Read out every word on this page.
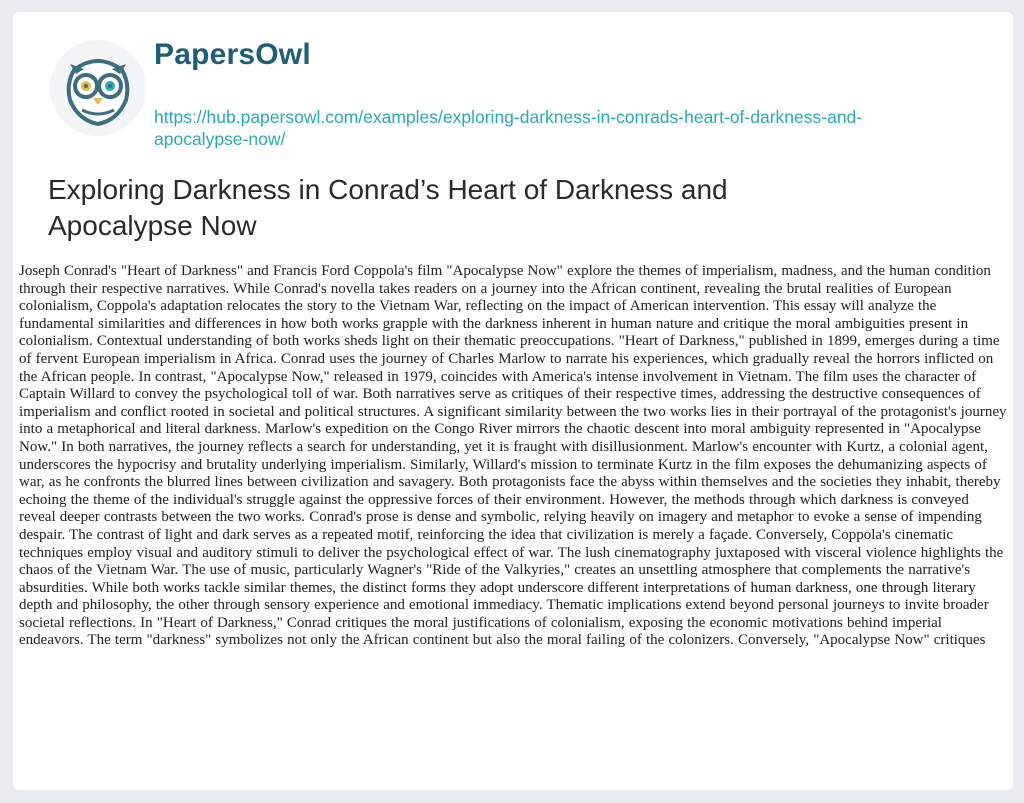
PapersOwl
https://hub.papersowl.com/examples/exploring-darkness-in-conrads-heart-of-darkness-and-apocalypse-now/
Exploring Darkness in Conrad’s Heart of Darkness and Apocalypse Now

Joseph Conrad's "Heart of Darkness" and Francis Ford Coppola's film "Apocalypse Now" explore the themes of imperialism, madness, and the human condition through their respective narratives. While Conrad's novella takes readers on a journey into the African continent, revealing the brutal realities of European colonialism, Coppola's adaptation relocates the story to the Vietnam War, reflecting on the impact of American intervention. This essay will analyze the fundamental similarities and differences in how both works grapple with the darkness inherent in human nature and critique the moral ambiguities present in colonialism. Contextual understanding of both works sheds light on their thematic preoccupations. "Heart of Darkness," published in 1899, emerges during a time of fervent European imperialism in Africa. Conrad uses the journey of Charles Marlow to narrate his experiences, which gradually reveal the horrors inflicted on the African people. In contrast, "Apocalypse Now," released in 1979, coincides with America's intense involvement in Vietnam. The film uses the character of Captain Willard to convey the psychological toll of war. Both narratives serve as critiques of their respective times, addressing the destructive consequences of imperialism and conflict rooted in societal and political structures. A significant similarity between the two works lies in their portrayal of the protagonist's journey into a metaphorical and literal darkness. Marlow's expedition on the Congo River mirrors the chaotic descent into moral ambiguity represented in "Apocalypse Now." In both narratives, the journey reflects a search for understanding, yet it is fraught with disillusionment. Marlow's encounter with Kurtz, a colonial agent, underscores the hypocrisy and brutality underlying imperialism. Similarly, Willard's mission to terminate Kurtz in the film exposes the dehumanizing aspects of war, as he confronts the blurred lines between civilization and savagery. Both protagonists face the abyss within themselves and the societies they inhabit, thereby echoing the theme of the individual's struggle against the oppressive forces of their environment. However, the methods through which darkness is conveyed reveal deeper contrasts between the two works. Conrad's prose is dense and symbolic, relying heavily on imagery and metaphor to evoke a sense of impending despair. The contrast of light and dark serves as a repeated motif, reinforcing the idea that civilization is merely a façade. Conversely, Coppola's cinematic techniques employ visual and auditory stimuli to deliver the psychological effect of war. The lush cinematography juxtaposed with visceral violence highlights the chaos of the Vietnam War. The use of music, particularly Wagner's "Ride of the Valkyries," creates an unsettling atmosphere that complements the narrative's absurdities. While both works tackle similar themes, the distinct forms they adopt underscore different interpretations of human darkness, one through literary depth and philosophy, the other through sensory experience and emotional immediacy. Thematic implications extend beyond personal journeys to invite broader societal reflections. In "Heart of Darkness," Conrad critiques the moral justifications of colonialism, exposing the economic motivations behind imperial endeavors. The term "darkness" symbolizes not only the African continent but also the moral failing of the colonizers. Conversely, "Apocalypse Now" critiques
